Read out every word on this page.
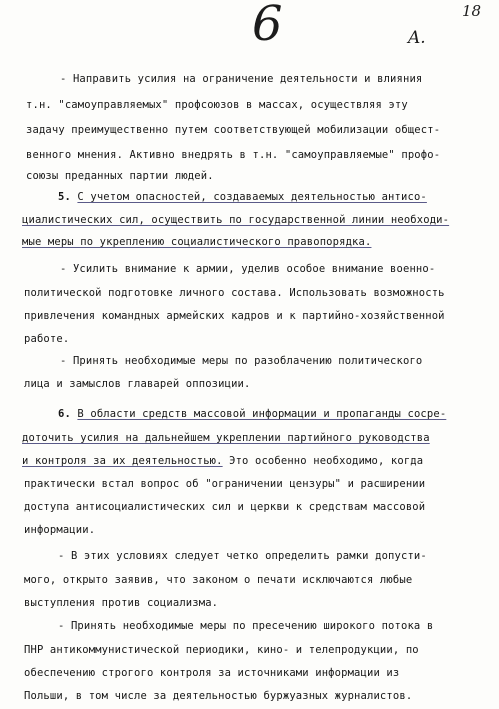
6	18
A.
- Направить усилия на ограничение деятельности и влияния
т.н. "самоуправляемых" профсоюзов в массах, осуществляя эту
задачу преимущественно путем соответствующей мобилизации общест-
венного мнения. Активно внедрять в т.н. "самоуправляемые" профо-
союзы преданных партии людей.
5. С учетом опасностей, создаваемых деятельностью антисо-
циалистических сил, осуществить по государственной линии необходи-
мые меры по укреплению социалистического правопорядка.
- Усилить внимание к армии, уделив особое внимание военно-
политической подготовке личного состава. Использовать возможность
привлечения командных армейских кадров и к партийно-хозяйственной
работе.
- Принять необходимые меры по разоблачению политического
лица и замыслов главарей оппозиции.
6. В области средств массовой информации и пропаганды сосре-
доточить усилия на дальнейшем укреплении партийного руководства
и контроля за их деятельностью. Это особенно необходимо, когда
практически встал вопрос об "ограничении цензуры" и расширении
доступа антисоциалистических сил и церкви к средствам массовой
информации.
- В этих условиях следует четко определить рамки допусти-
мого, открыто заявив, что законом о печати исключаются любые
выступления против социализма.
- Принять необходимые меры по пресечению широкого потока в
ПНР антикоммунистической периодики, кино- и телепродукции, по
обеспечению строгого контроля за источниками информации из
Польши, в том числе за деятельностью буржуазных журналистов.
